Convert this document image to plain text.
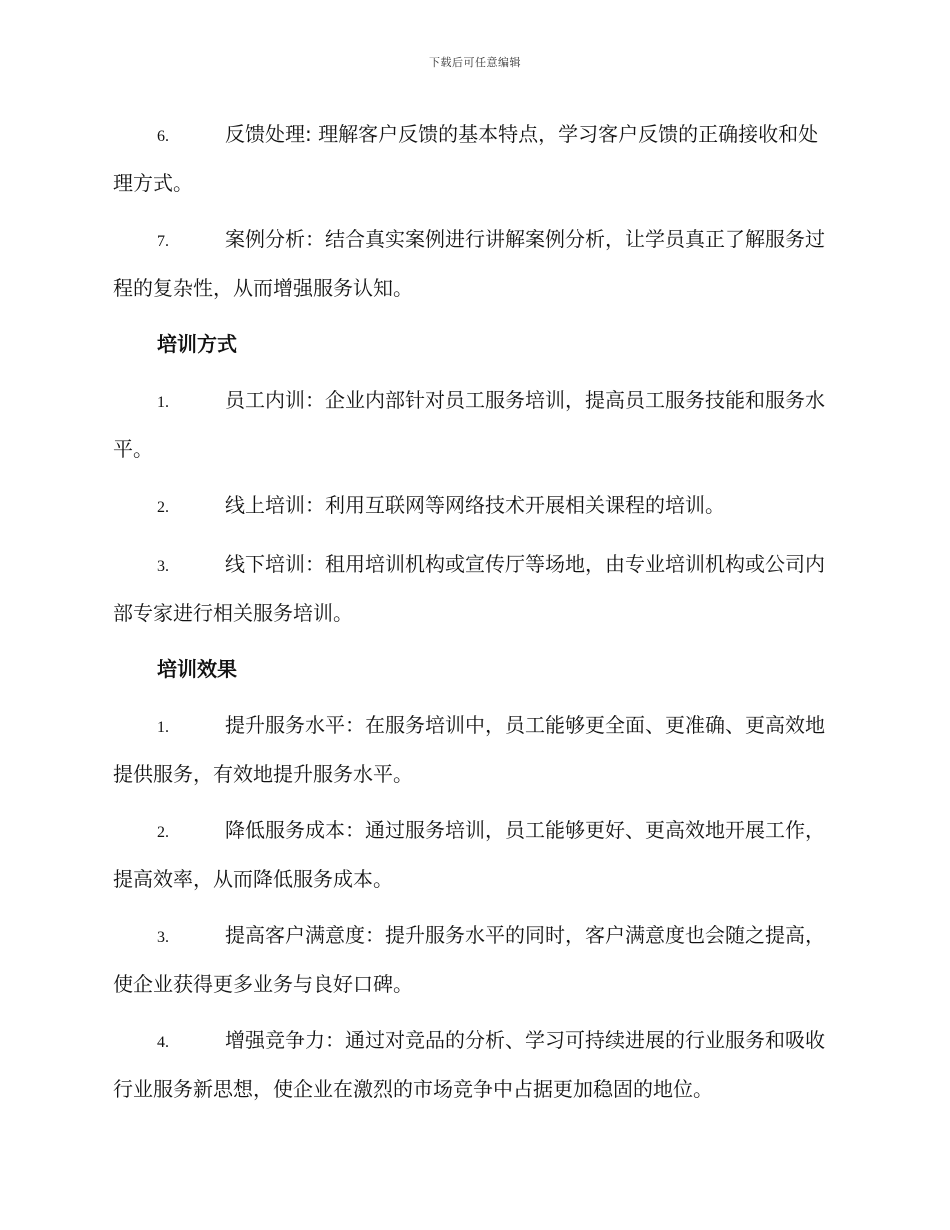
下载后可任意编辑
6.	反馈处理: 理解客户反馈的基本特点，学习客户反馈的正确接收和处理方式。
7.	案例分析：结合真实案例进行讲解案例分析，让学员真正了解服务过程的复杂性，从而增强服务认知。
培训方式
1.	员工内训：企业内部针对员工服务培训，提高员工服务技能和服务水平。
2.	线上培训：利用互联网等网络技术开展相关课程的培训。
3.	线下培训：租用培训机构或宣传厅等场地，由专业培训机构或公司内部专家进行相关服务培训。
培训效果
1.	提升服务水平：在服务培训中，员工能够更全面、更准确、更高效地提供服务，有效地提升服务水平。
2.	降低服务成本：通过服务培训，员工能够更好、更高效地开展工作，提高效率，从而降低服务成本。
3.	提高客户满意度：提升服务水平的同时，客户满意度也会随之提高，使企业获得更多业务与良好口碑。
4.	增强竞争力：通过对竞品的分析、学习可持续进展的行业服务和吸收行业服务新思想，使企业在激烈的市场竞争中占据更加稳固的地位。
